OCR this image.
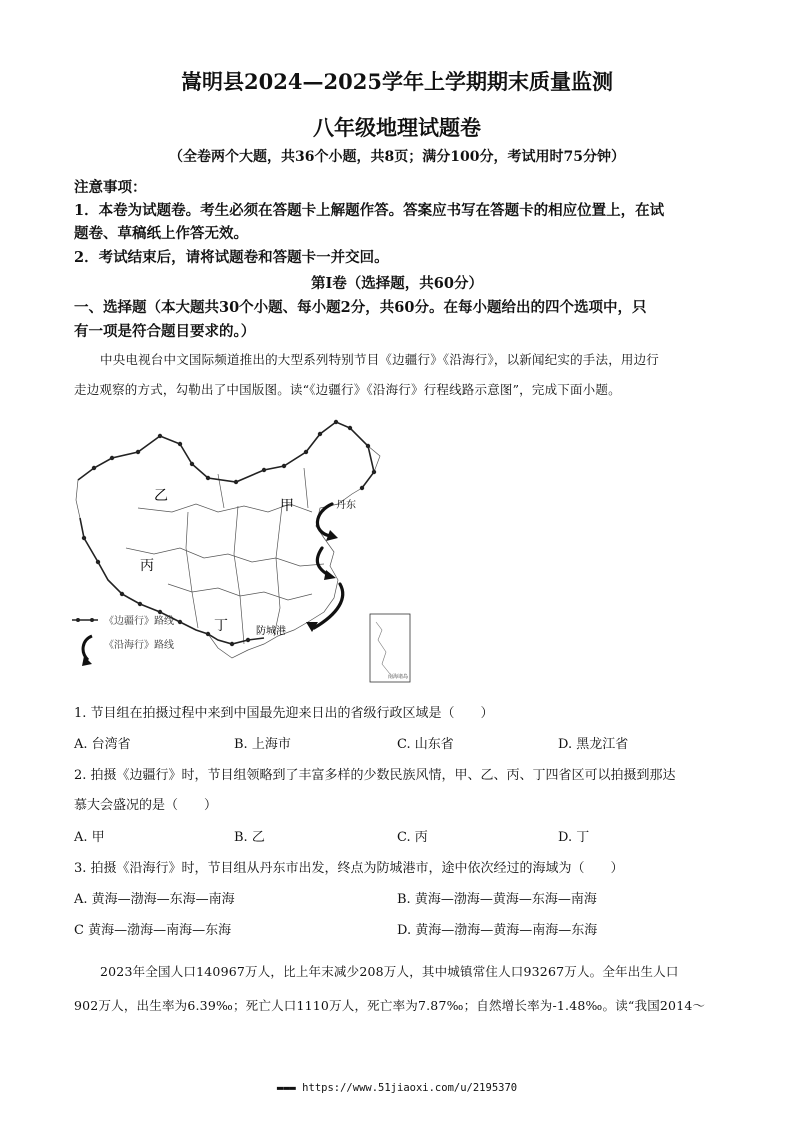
嵩明县2024—2025学年上学期期末质量监测
八年级地理试题卷
（全卷两个大题，共36个小题，共8页；满分100分，考试用时75分钟）
注意事项：
1．本卷为试题卷。考生必须在答题卡上解题作答。答案应书写在答题卡的相应位置上，在试
题卷、草稿纸上作答无效。
2．考试结束后，请将试题卷和答题卡一并交回。
第Ⅰ卷（选择题，共60分）
一、选择题（本大题共30个小题、每小题2分，共60分。在每小题给出的四个选项中，只
有一项是符合题目要求的。）
中央电视台中文国际频道推出的大型系列特别节目《边疆行》《沿海行》，以新闻纪实的手法，用边行
走边观察的方式，勾勒出了中国版图。读“《边疆行》《沿海行》行程线路示意图”，完成下面小题。
南海诸岛
乙
甲
丙
丁
丹东
防城港
《边疆行》路线
《沿海行》路线
1. 节目组在拍摄过程中来到中国最先迎来日出的省级行政区域是（　　）
A. 台湾省	B. 上海市	C. 山东省	D. 黑龙江省
2. 拍摄《边疆行》时，节目组领略到了丰富多样的少数民族风情，甲、乙、丙、丁四省区可以拍摄到那达
慕大会盛况的是（　　）
A. 甲	B. 乙	C. 丙	D. 丁
3. 拍摄《沿海行》时，节目组从丹东市出发，终点为防城港市，途中依次经过的海域为（　　）
A. 黄海—渤海—东海—南海	B. 黄海—渤海—黄海—东海—南海
C 黄海—渤海—南海—东海	D. 黄海—渤海—黄海—南海—东海
2023年全国人口140967万人，比上年末减少208万人，其中城镇常住人口93267万人。全年出生人口
902万人，出生率为6.39‰；死亡人口1110万人，死亡率为7.87‰；自然增长率为-1.48‰。读“我国2014～
▬▬▬ https://www.51jiaoxi.com/u/2195370
